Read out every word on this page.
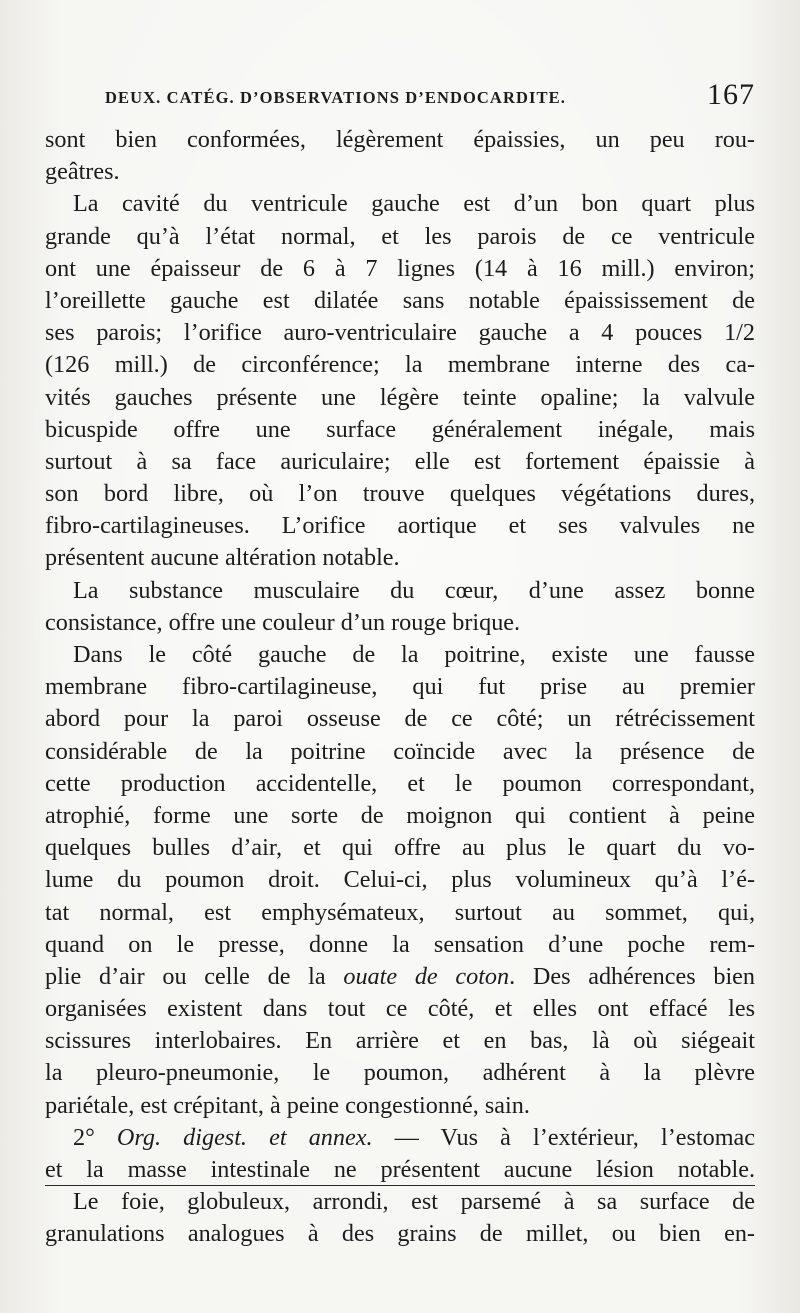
DEUX. CATÉG. D’OBSERVATIONS D’ENDOCARDITE.	167
sont bien conformées, légèrement épaissies, un peu rou-
geâtres.
La cavité du ventricule gauche est d’un bon quart plus
grande qu’à l’état normal, et les parois de ce ventricule
ont une épaisseur de 6 à 7 lignes (14 à 16 mill.) environ;
l’oreillette gauche est dilatée sans notable épaississement de
ses parois; l’orifice auro-ventriculaire gauche a 4 pouces 1/2
(126 mill.) de circonférence; la membrane interne des ca-
vités gauches présente une légère teinte opaline; la valvule
bicuspide offre une surface généralement inégale, mais
surtout à sa face auriculaire; elle est fortement épaissie à
son bord libre, où l’on trouve quelques végétations dures,
fibro-cartilagineuses. L’orifice aortique et ses valvules ne
présentent aucune altération notable.
La substance musculaire du cœur, d’une assez bonne
consistance, offre une couleur d’un rouge brique.
Dans le côté gauche de la poitrine, existe une fausse
membrane fibro-cartilagineuse, qui fut prise au premier
abord pour la paroi osseuse de ce côté; un rétrécissement
considérable de la poitrine coïncide avec la présence de
cette production accidentelle, et le poumon correspondant,
atrophié, forme une sorte de moignon qui contient à peine
quelques bulles d’air, et qui offre au plus le quart du vo-
lume du poumon droit. Celui-ci, plus volumineux qu’à l’é-
tat normal, est emphysémateux, surtout au sommet, qui,
quand on le presse, donne la sensation d’une poche rem-
plie d’air ou celle de la ouate de coton. Des adhérences bien
organisées existent dans tout ce côté, et elles ont effacé les
scissures interlobaires. En arrière et en bas, là où siégeait
la pleuro-pneumonie, le poumon, adhérent à la plèvre
pariétale, est crépitant, à peine congestionné, sain.
2° Org. digest. et annex. — Vus à l’extérieur, l’estomac
et la masse intestinale ne présentent aucune lésion notable.
Le foie, globuleux, arrondi, est parsemé à sa surface de
granulations analogues à des grains de millet, ou bien en-
